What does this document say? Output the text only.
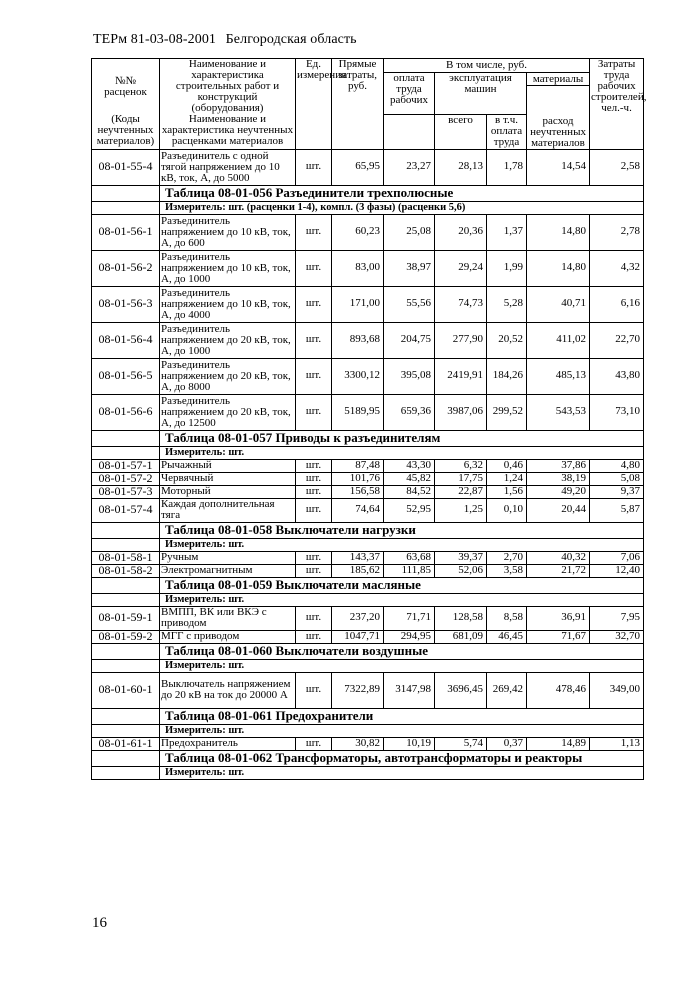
ТЕРм 81-03-08-2001 Белгородская область
№№ расценок	Наименование и характеристика строительных работ и конструкций (оборудования)	Ед. измерения	Прямые затраты, руб.	В том числе, руб.				Затраты труда рабочих строителей, чел.-ч.
				оплата труда рабочих	эксплуатация машин		материалы	
							расход неучтенных материалов	
(Коды неучтенных материалов)	Наименование и характеристика неучтенных расценками материалов				всего	в т.ч. оплата труда		

08-01-55-4	Разъединитель с одной тягой напряжением до 10 кВ, ток, А, до 5000	шт.	65,95	23,27	28,13	1,78	14,54	2,58
	Таблица 08-01-056 Разъединители трехполюсные							
	Измеритель: шт. (расценки 1-4), компл. (3 фазы) (расценки 5,6)							
08-01-56-1	Разъединитель напряжением до 10 кВ, ток, А, до 600	шт.	60,23	25,08	20,36	1,37	14,80	2,78
08-01-56-2	Разъединитель напряжением до 10 кВ, ток, А, до 1000	шт.	83,00	38,97	29,24	1,99	14,80	4,32
08-01-56-3	Разъединитель напряжением до 10 кВ, ток, А, до 4000	шт.	171,00	55,56	74,73	5,28	40,71	6,16
08-01-56-4	Разъединитель напряжением до 20 кВ, ток, А, до 1000	шт.	893,68	204,75	277,90	20,52	411,02	22,70
08-01-56-5	Разъединитель напряжением до 20 кВ, ток, А, до 8000	шт.	3300,12	395,08	2419,91	184,26	485,13	43,80
08-01-56-6	Разъединитель напряжением до 20 кВ, ток, А, до 12500	шт.	5189,95	659,36	3987,06	299,52	543,53	73,10
	Таблица 08-01-057 Приводы к разъединителям							
	Измеритель: шт.							
08-01-57-1	Рычажный	шт.	87,48	43,30	6,32	0,46	37,86	4,80
08-01-57-2	Червячный	шт.	101,76	45,82	17,75	1,24	38,19	5,08
08-01-57-3	Моторный	шт.	156,58	84,52	22,87	1,56	49,20	9,37
08-01-57-4	Каждая дополнительная тяга	шт.	74,64	52,95	1,25	0,10	20,44	5,87
	Таблица 08-01-058 Выключатели нагрузки							
	Измеритель: шт.							
08-01-58-1	Ручным	шт.	143,37	63,68	39,37	2,70	40,32	7,06
08-01-58-2	Электромагнитным	шт.	185,62	111,85	52,06	3,58	21,72	12,40
	Таблица 08-01-059 Выключатели масляные							
	Измеритель: шт.							
08-01-59-1	ВМПП, ВК или ВКЭ с приводом	шт.	237,20	71,71	128,58	8,58	36,91	7,95
08-01-59-2	МГГ с приводом	шт.	1047,71	294,95	681,09	46,45	71,67	32,70
	Таблица 08-01-060 Выключатели воздушные							
	Измеритель: шт.							
08-01-60-1	Выключатель напряжением до 20 кВ на ток до 20000 А	шт.	7322,89	3147,98	3696,45	269,42	478,46	349,00
	Таблица 08-01-061 Предохранители							
	Измеритель: шт.							
08-01-61-1	Предохранитель	шт.	30,82	10,19	5,74	0,37	14,89	1,13
	Таблица 08-01-062 Трансформаторы, автотрансформаторы и реакторы							
	Измеритель: шт.							
16
